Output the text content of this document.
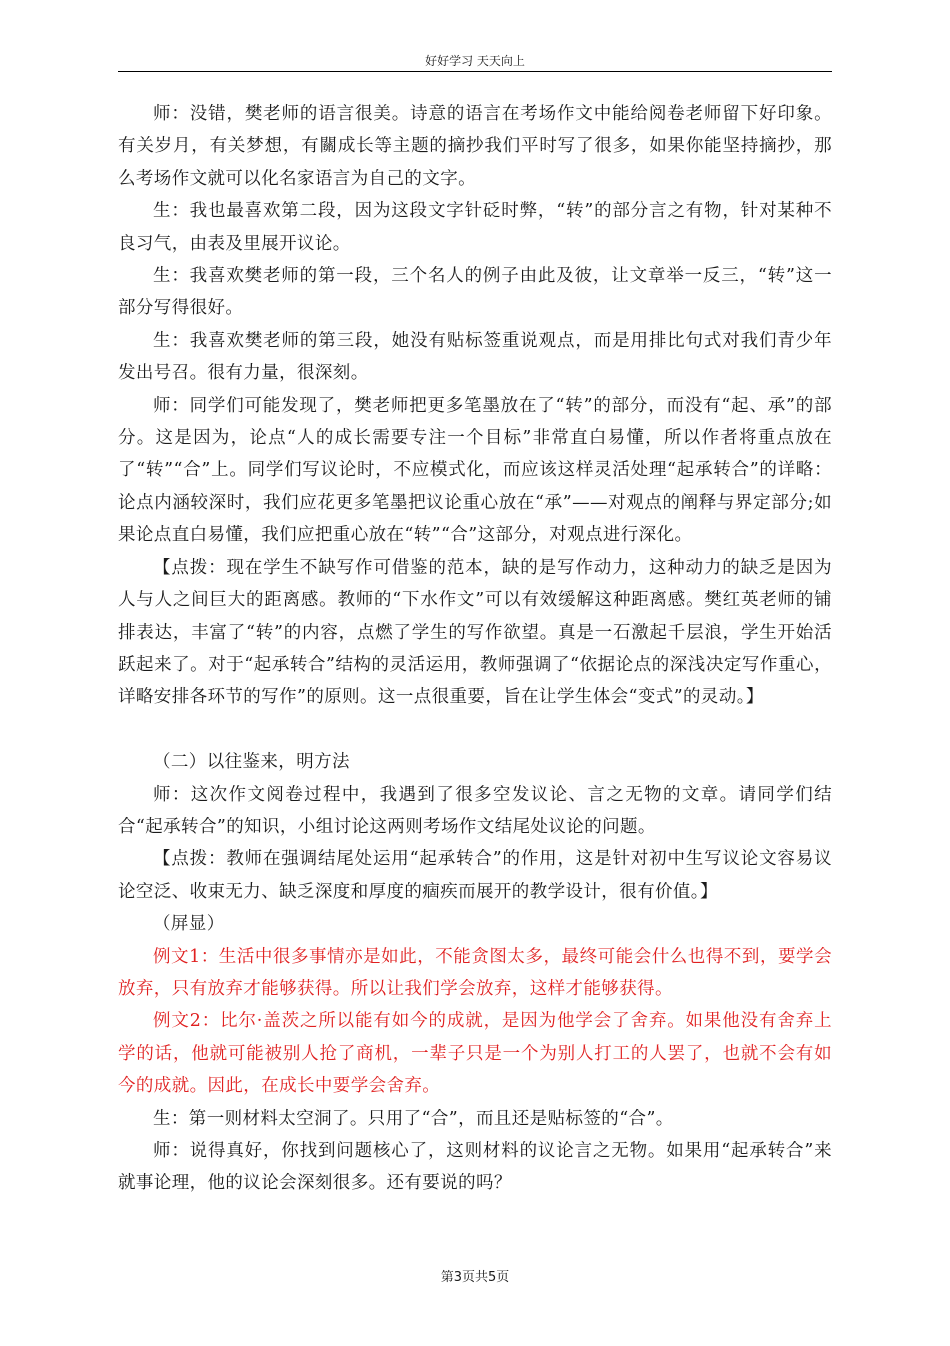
好好学习 天天向上

师：没错，樊老师的语言很美。诗意的语言在考场作文中能给阅卷老师留下好印象。有关岁月，有关梦想，有關成长等主题的摘抄我们平时写了很多，如果你能坚持摘抄，那么考场作文就可以化名家语言为自己的文字。

生：我也最喜欢第二段，因为这段文字针砭时弊，“转”的部分言之有物，针对某种不良习气，由表及里展开议论。

生：我喜欢樊老师的第一段，三个名人的例子由此及彼，让文章举一反三，“转”这一部分写得很好。

生：我喜欢樊老师的第三段，她没有贴标签重说观点，而是用排比句式对我们青少年发出号召。很有力量，很深刻。

师：同学们可能发现了，樊老师把更多笔墨放在了“转”的部分，而没有“起、承”的部分。这是因为，论点“人的成长需要专注一个目标”非常直白易懂，所以作者将重点放在了“转”“合”上。同学们写议论时，不应模式化，而应该这样灵活处理“起承转合”的详略：论点内涵较深时，我们应花更多笔墨把议论重心放在“承”——对观点的阐释与界定部分;如果论点直白易懂，我们应把重心放在“转”“合”这部分，对观点进行深化。

【点拨：现在学生不缺写作可借鉴的范本，缺的是写作动力，这种动力的缺乏是因为人与人之间巨大的距离感。教师的“下水作文”可以有效缓解这种距离感。樊红英老师的铺排表达，丰富了“转”的内容，点燃了学生的写作欲望。真是一石激起千层浪，学生开始活跃起来了。对于“起承转合”结构的灵活运用，教师强调了“依据论点的深浅决定写作重心，详略安排各环节的写作”的原则。这一点很重要，旨在让学生体会“变式”的灵动。】

（二）以往鉴来，明方法

师：这次作文阅卷过程中，我遇到了很多空发议论、言之无物的文章。请同学们结合“起承转合”的知识，小组讨论这两则考场作文结尾处议论的问题。

【点拨：教师在强调结尾处运用“起承转合”的作用，这是针对初中生写议论文容易议论空泛、收束无力、缺乏深度和厚度的痼疾而展开的教学设计，很有价值。】

（屏显）

例文1：生活中很多事情亦是如此，不能贪图太多，最终可能会什么也得不到，要学会放弃，只有放弃才能够获得。所以让我们学会放弃，这样才能够获得。

例文2：比尔·盖茨之所以能有如今的成就，是因为他学会了舍弃。如果他没有舍弃上学的话，他就可能被别人抢了商机，一辈子只是一个为别人打工的人罢了，也就不会有如今的成就。因此，在成长中要学会舍弃。

生：第一则材料太空洞了。只用了“合”，而且还是贴标签的“合”。

师：说得真好，你找到问题核心了，这则材料的议论言之无物。如果用“起承转合”来就事论理，他的议论会深刻很多。还有要说的吗？

第3页共5页
